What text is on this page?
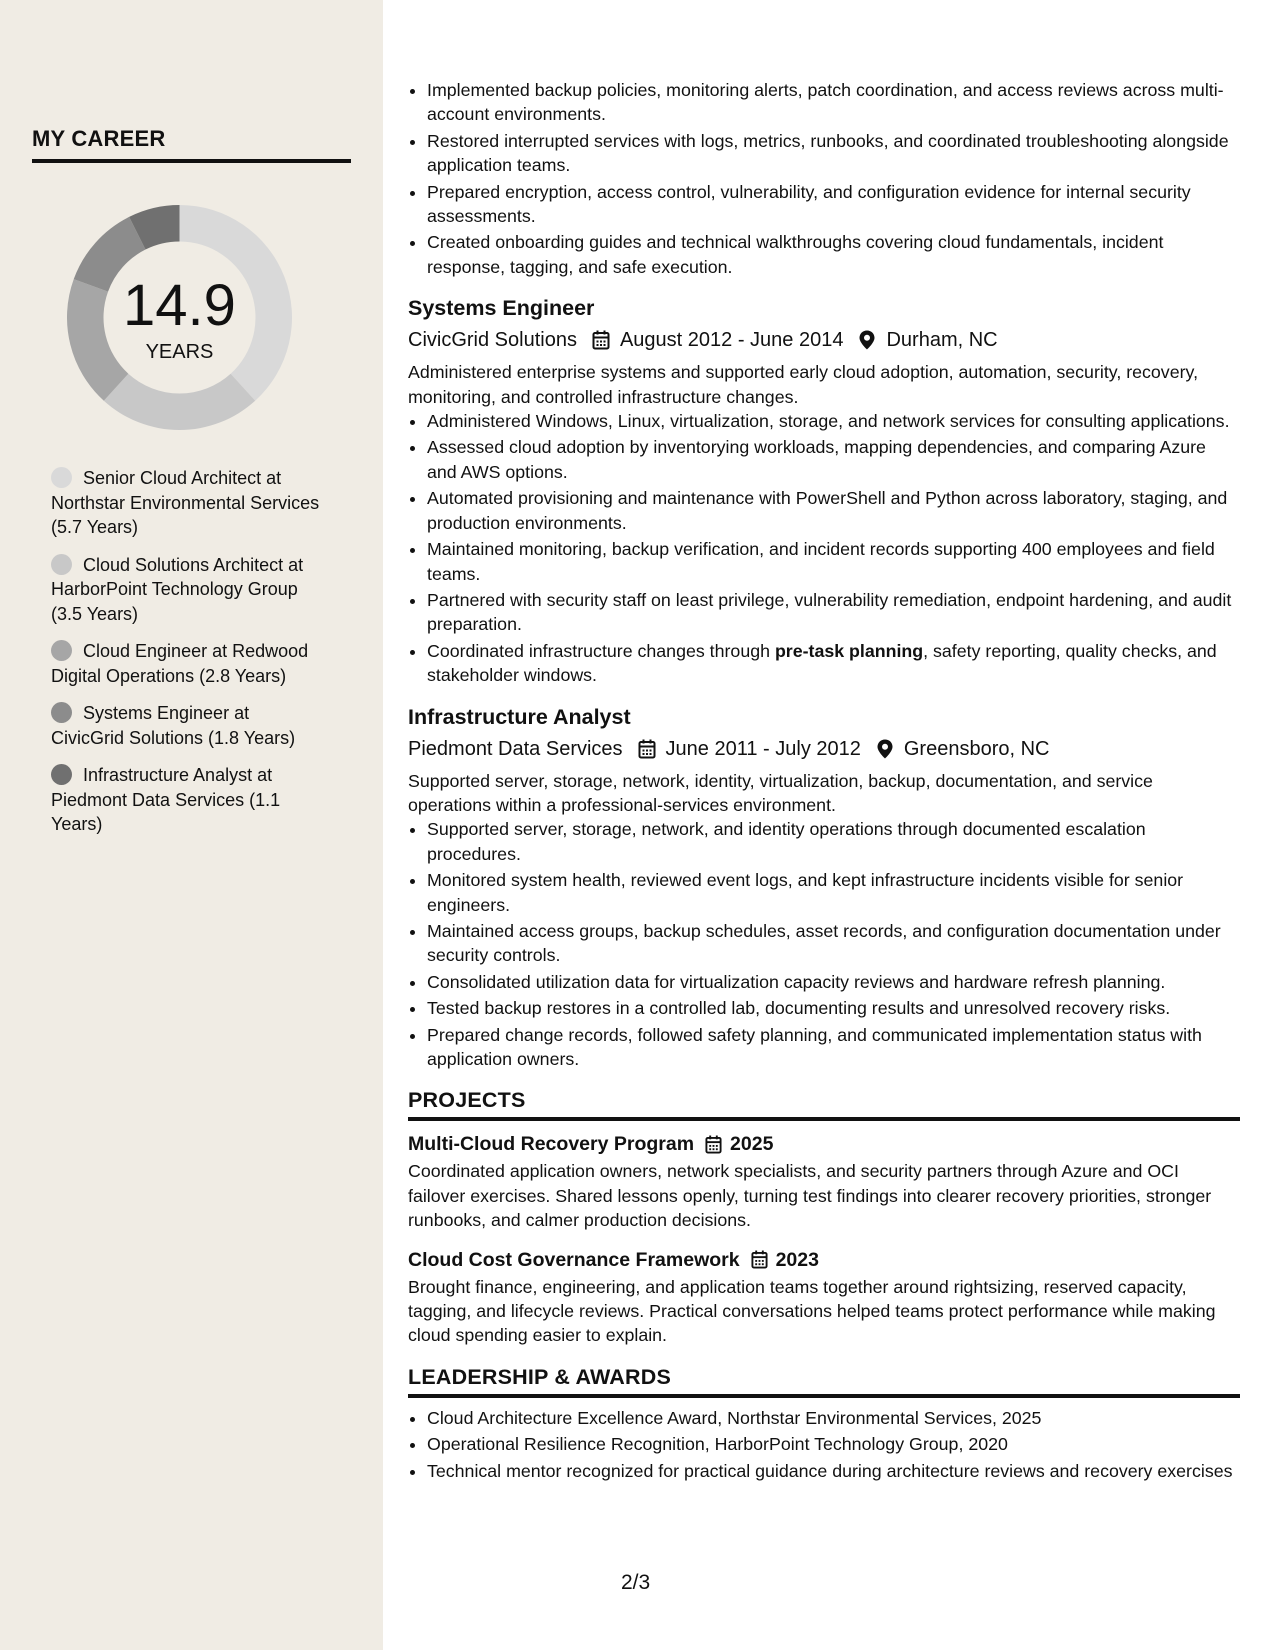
MY CAREER
14.9
YEARS
Senior Cloud Architect at Northstar Environmental Services (5.7 Years)
Cloud Solutions Architect at HarborPoint Technology Group (3.5 Years)
Cloud Engineer at Redwood Digital Operations (2.8 Years)
Systems Engineer at CivicGrid Solutions (1.8 Years)
Infrastructure Analyst at Piedmont Data Services (1.1 Years)
• Implemented backup policies, monitoring alerts, patch coordination, and access reviews across multi-account environments.
• Restored interrupted services with logs, metrics, runbooks, and coordinated troubleshooting alongside application teams.
• Prepared encryption, access control, vulnerability, and configuration evidence for internal security assessments.
• Created onboarding guides and technical walkthroughs covering cloud fundamentals, incident response, tagging, and safe execution.
Systems Engineer
CivicGrid Solutions August 2012 - June 2014 Durham, NC
Administered enterprise systems and supported early cloud adoption, automation, security, recovery, monitoring, and controlled infrastructure changes.
• Administered Windows, Linux, virtualization, storage, and network services for consulting applications.
• Assessed cloud adoption by inventorying workloads, mapping dependencies, and comparing Azure and AWS options.
• Automated provisioning and maintenance with PowerShell and Python across laboratory, staging, and production environments.
• Maintained monitoring, backup verification, and incident records supporting 400 employees and field teams.
• Partnered with security staff on least privilege, vulnerability remediation, endpoint hardening, and audit preparation.
• Coordinated infrastructure changes through pre-task planning, safety reporting, quality checks, and stakeholder windows.
Infrastructure Analyst
Piedmont Data Services June 2011 - July 2012 Greensboro, NC
Supported server, storage, network, identity, virtualization, backup, documentation, and service operations within a professional-services environment.
• Supported server, storage, network, and identity operations through documented escalation procedures.
• Monitored system health, reviewed event logs, and kept infrastructure incidents visible for senior engineers.
• Maintained access groups, backup schedules, asset records, and configuration documentation under security controls.
• Consolidated utilization data for virtualization capacity reviews and hardware refresh planning.
• Tested backup restores in a controlled lab, documenting results and unresolved recovery risks.
• Prepared change records, followed safety planning, and communicated implementation status with application owners.
PROJECTS
Multi-Cloud Recovery Program 2025
Coordinated application owners, network specialists, and security partners through Azure and OCI failover exercises. Shared lessons openly, turning test findings into clearer recovery priorities, stronger runbooks, and calmer production decisions.
Cloud Cost Governance Framework 2023
Brought finance, engineering, and application teams together around rightsizing, reserved capacity, tagging, and lifecycle reviews. Practical conversations helped teams protect performance while making cloud spending easier to explain.
LEADERSHIP & AWARDS
• Cloud Architecture Excellence Award, Northstar Environmental Services, 2025
• Operational Resilience Recognition, HarborPoint Technology Group, 2020
• Technical mentor recognized for practical guidance during architecture reviews and recovery exercises
2/3
